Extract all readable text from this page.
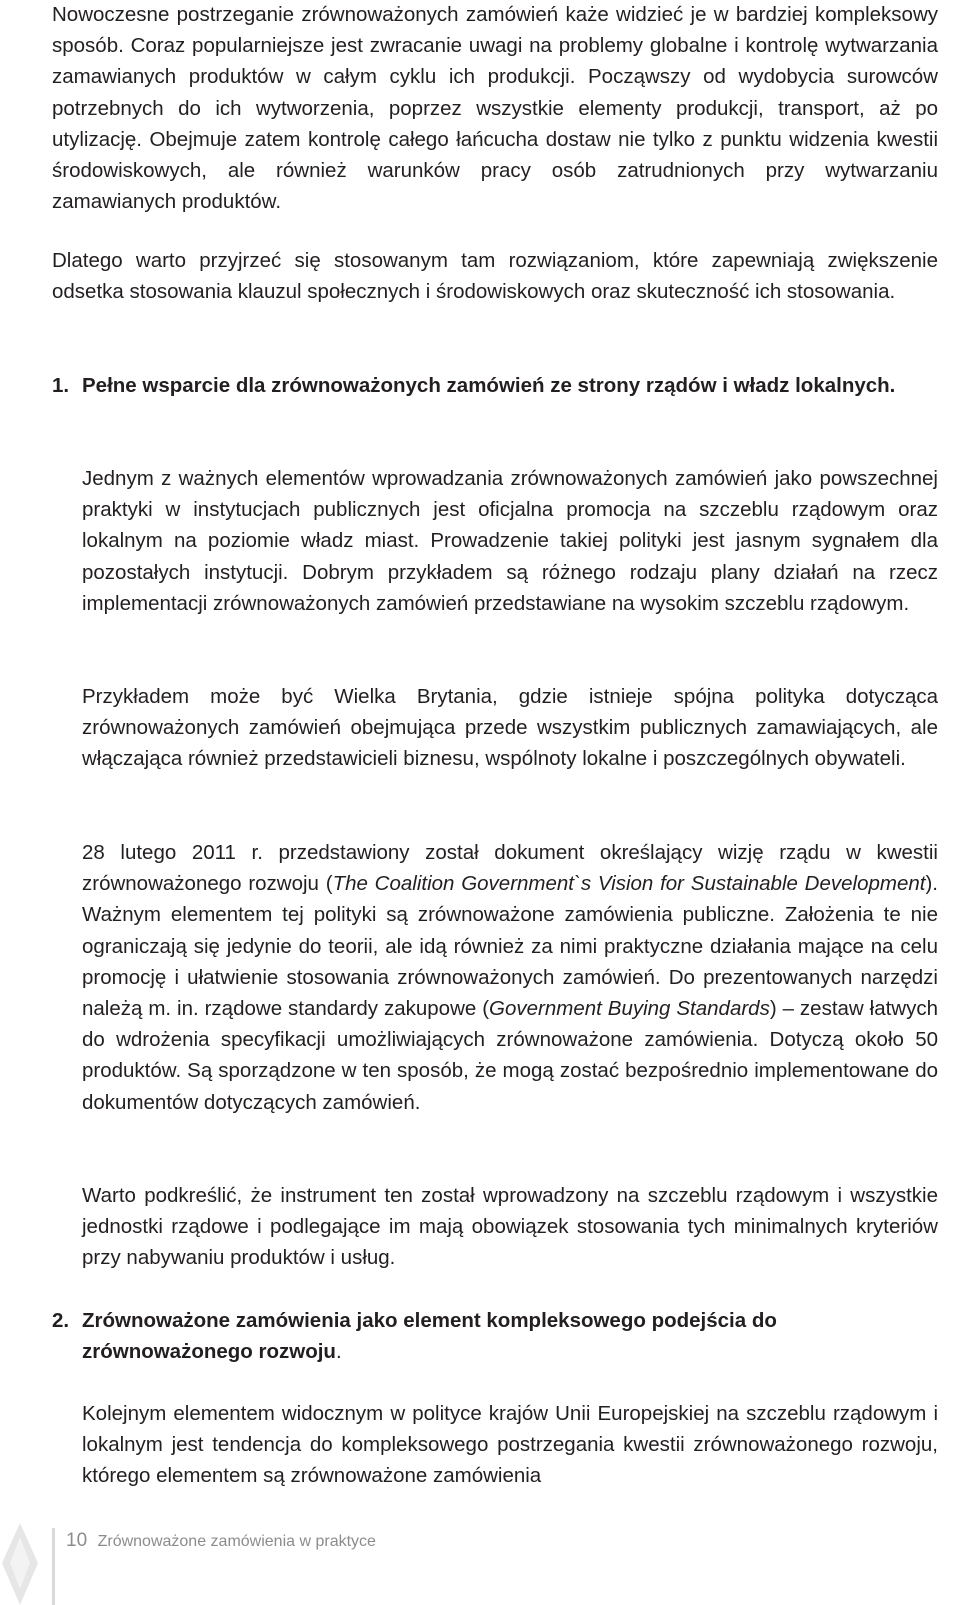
Nowoczesne postrzeganie zrównoważonych zamówień każe widzieć je w bardziej kompleksowy sposób. Coraz popularniejsze jest zwracanie uwagi na problemy globalne i kontrolę wytwarzania zamawianych produktów w całym cyklu ich produkcji. Począwszy od wydobycia surowców potrzebnych do ich wytworzenia, poprzez wszystkie elementy produkcji, transport, aż po utylizację. Obejmuje zatem kontrolę całego łańcucha dostaw nie tylko z punktu widzenia kwestii środowiskowych, ale również warunków pracy osób zatrudnionych przy wytwarzaniu zamawianych produktów.

Dlatego warto przyjrzeć się stosowanym tam rozwiązaniom, które zapewniają zwiększenie odsetka stosowania klauzul społecznych i środowiskowych oraz skuteczność ich stosowania.

1. Pełne wsparcie dla zrównoważonych zamówień ze strony rządów i władz lokalnych.

Jednym z ważnych elementów wprowadzania zrównoważonych zamówień jako powszechnej praktyki w instytucjach publicznych jest oficjalna promocja na szczeblu rządowym oraz lokalnym na poziomie władz miast. Prowadzenie takiej polityki jest jasnym sygnałem dla pozostałych instytucji. Dobrym przykładem są różnego rodzaju plany działań na rzecz implementacji zrównoważonych zamówień przedstawiane na wysokim szczeblu rządowym.

Przykładem może być Wielka Brytania, gdzie istnieje spójna polityka dotycząca zrównoważonych zamówień obejmująca przede wszystkim publicznych zamawiających, ale włączająca również przedstawicieli biznesu, wspólnoty lokalne i poszczególnych obywateli.

28 lutego 2011 r. przedstawiony został dokument określający wizję rządu w kwestii zrównoważonego rozwoju (The Coalition Government`s Vision for Sustainable Development). Ważnym elementem tej polityki są zrównoważone zamówienia publiczne. Założenia te nie ograniczają się jedynie do teorii, ale idą również za nimi praktyczne działania mające na celu promocję i ułatwienie stosowania zrównoważonych zamówień. Do prezentowanych narzędzi należą m. in. rządowe standardy zakupowe (Government Buying Standards) – zestaw łatwych do wdrożenia specyfikacji umożliwiających zrównoważone zamówienia. Dotyczą około 50 produktów. Są sporządzone w ten sposób, że mogą zostać bezpośrednio implementowane do dokumentów dotyczących zamówień.

Warto podkreślić, że instrument ten został wprowadzony na szczeblu rządowym i wszystkie jednostki rządowe i podlegające im mają obowiązek stosowania tych minimalnych kryteriów przy nabywaniu produktów i usług.

2. Zrównoważone zamówienia jako element kompleksowego podejścia do zrównoważonego rozwoju.

Kolejnym elementem widocznym w polityce krajów Unii Europejskiej na szczeblu rządowym i lokalnym jest tendencja do kompleksowego postrzegania kwestii zrównoważonego rozwoju, którego elementem są zrównoważone zamówienia

10 Zrównoważone zamówienia w praktyce
